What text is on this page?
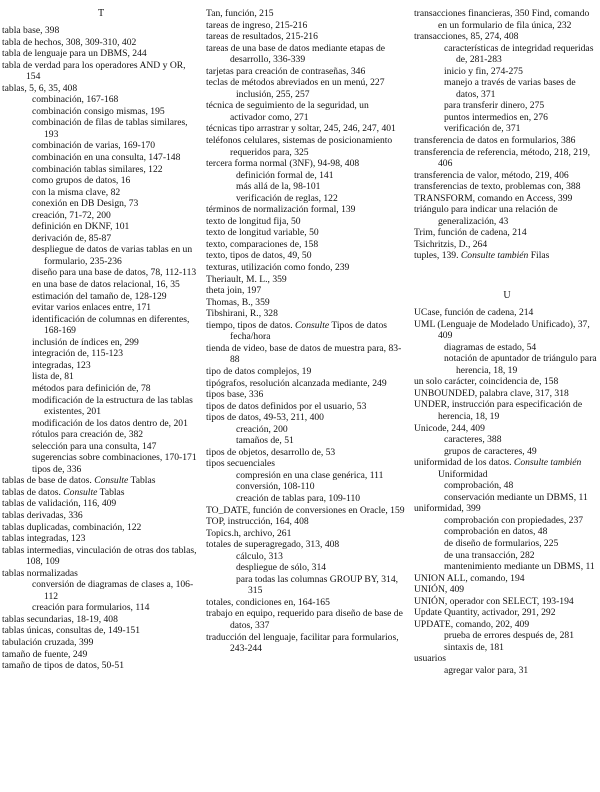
T

tabla base, 398

tabla de hechos, 308, 309-310, 402

tabla de lenguaje para un DBMS, 244

tabla de verdad para los operadores AND y OR, 154

tablas, 5, 6, 35, 408

combinación, 167-168

combinación consigo mismas, 195

combinación de filas de tablas similares, 193

combinación de varias, 169-170

combinación en una consulta, 147-148

combinación tablas similares, 122

como grupos de datos, 16

con la misma clave, 82

conexión en DB Design, 73

creación, 71-72, 200

definición en DKNF, 101

derivación de, 85-87

despliegue de datos de varias tablas en un formulario, 235-236

diseño para una base de datos, 78, 112-113

en una base de datos relacional, 16, 35

estimación del tamaño de, 128-129

evitar varios enlaces entre, 171

identificación de columnas en diferentes, 168-169

inclusión de índices en, 299

integración de, 115-123

integradas, 123

lista de, 81

métodos para definición de, 78

modificación de la estructura de las tablas existentes, 201

modificación de los datos dentro de, 201

rótulos para creación de, 382

selección para una consulta, 147

sugerencias sobre combinaciones, 170-171

tipos de, 336

tablas de base de datos. Consulte Tablas

tablas de datos. Consulte Tablas

tablas de validación, 116, 409

tablas derivadas, 336

tablas duplicadas, combinación, 122

tablas integradas, 123

tablas intermedias, vinculación de otras dos tablas, 108, 109

tablas normalizadas

conversión de diagramas de clases a, 106-112

creación para formularios, 114

tablas secundarias, 18-19, 408

tablas únicas, consultas de, 149-151

tabulación cruzada, 399

tamaño de fuente, 249

tamaño de tipos de datos, 50-51

Tan, función, 215

tareas de ingreso, 215-216

tareas de resultados, 215-216

tareas de una base de datos mediante etapas de desarrollo, 336-339

tarjetas para creación de contraseñas, 346

teclas de métodos abreviados en un menú, 227

inclusión, 255, 257

técnica de seguimiento de la seguridad, un activador como, 271

técnicas tipo arrastrar y soltar, 245, 246, 247, 401

teléfonos celulares, sistemas de posicionamiento requeridos para, 325

tercera forma normal (3NF), 94-98, 408

definición formal de, 141

más allá de la, 98-101

verificación de reglas, 122

términos de normalización formal, 139

texto de longitud fija, 50

texto de longitud variable, 50

texto, comparaciones de, 158

texto, tipos de datos, 49, 50

texturas, utilización como fondo, 239

Theriault, M. L., 359

theta join, 197

Thomas, B., 359

Tibshirani, R., 328

tiempo, tipos de datos. Consulte Tipos de datos fecha/hora

tienda de video, base de datos de muestra para, 83-88

tipo de datos complejos, 19

tipógrafos, resolución alcanzada mediante, 249

tipos base, 336

tipos de datos definidos por el usuario, 53

tipos de datos, 49-53, 211, 400

creación, 200

tamaños de, 51

tipos de objetos, desarrollo de, 53

tipos secuenciales

compresión en una clase genérica, 111

conversión, 108-110

creación de tablas para, 109-110

TO_DATE, función de conversiones en Oracle, 159

TOP, instrucción, 164, 408

Topics.h, archivo, 261

totales de superagregado, 313, 408

cálculo, 313

despliegue de sólo, 314

para todas las columnas GROUP BY, 314, 315

totales, condiciones en, 164-165

trabajo en equipo, requerido para diseño de base de datos, 337

traducción del lenguaje, facilitar para formularios, 243-244

transacciones financieras, 350 Find, comando en un formulario de fila única, 232

transacciones, 85, 274, 408

características de integridad requeridas de, 281-283

inicio y fin, 274-275

manejo a través de varias bases de datos, 371

para transferir dinero, 275

puntos intermedios en, 276

verificación de, 371

transferencia de datos en formularios, 386

transferencia de referencia, método, 218, 219, 406

transferencia de valor, método, 219, 406

transferencias de texto, problemas con, 388

TRANSFORM, comando en Access, 399

triángulo para indicar una relación de generalización, 43

Trim, función de cadena, 214

Tsichritzis, D., 264

tuples, 139. Consulte también Filas

U

UCase, función de cadena, 214

UML (Lenguaje de Modelado Unificado), 37, 409

diagramas de estado, 54

notación de apuntador de triángulo para herencia, 18, 19

un solo carácter, coincidencia de, 158

UNBOUNDED, palabra clave, 317, 318

UNDER, instrucción para especificación de herencia, 18, 19

Unicode, 244, 409

caracteres, 388

grupos de caracteres, 49

uniformidad de los datos. Consulte también Uniformidad

comprobación, 48

conservación mediante un DBMS, 11

uniformidad, 399

comprobación con propiedades, 237

comprobación en datos, 48

de diseño de formularios, 225

de una transacción, 282

mantenimiento mediante un DBMS, 11

UNION ALL, comando, 194

UNIÓN, 409

UNIÓN, operador con SELECT, 193-194

Update Quantity, activador, 291, 292

UPDATE, comando, 202, 409

prueba de errores después de, 281

sintaxis de, 181

usuarios

agregar valor para, 31
